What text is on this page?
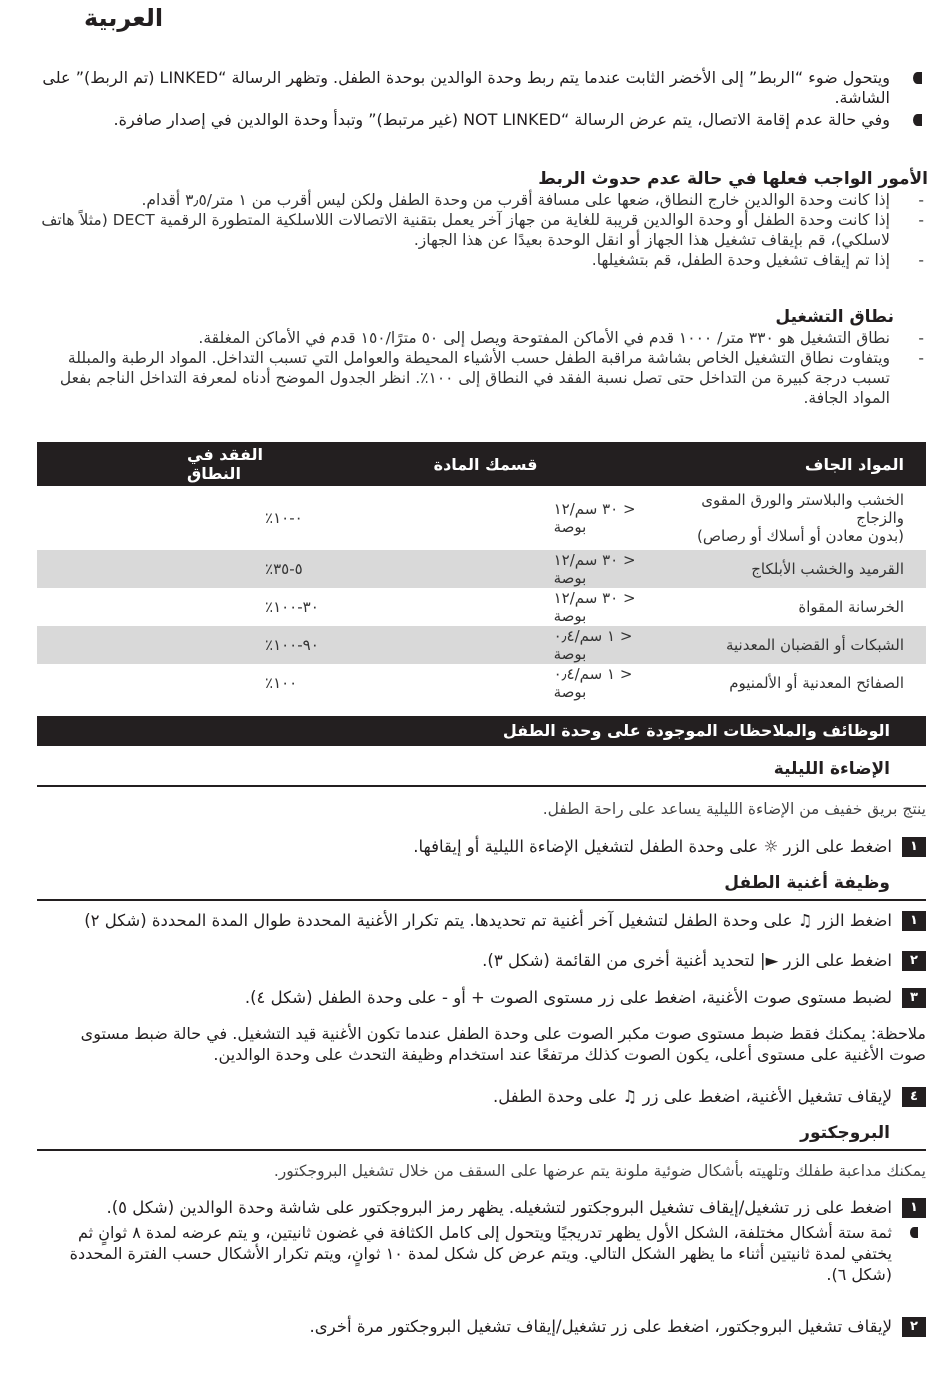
العربية
ويتحول ضوء “الربط” إلى الأخضر الثابت عندما يتم ربط وحدة الوالدين بوحدة الطفل. وتظهر الرسالة “LINKED (تم الربط)” على الشاشة.
وفي حالة عدم إقامة الاتصال، يتم عرض الرسالة “NOT LINKED (غير مرتبط)” وتبدأ وحدة الوالدين في إصدار صافرة.
الأمور الواجب فعلها في حالة عدم حدوث الربط
-
إذا كانت وحدة الوالدين خارج النطاق، ضعها على مسافة أقرب من وحدة الطفل ولكن ليس أقرب من ١ متر/٣٫٥ أقدام.
-
إذا كانت وحدة الطفل أو وحدة الوالدين قريبة للغاية من جهاز آخر يعمل بتقنية الاتصالات اللاسلكية المتطورة الرقمية DECT (مثلاً هاتف لاسلكي)، قم بإيقاف تشغيل هذا الجهاز أو انقل الوحدة بعيدًا عن هذا الجهاز.
-
إذا تم إيقاف تشغيل وحدة الطفل، قم بتشغيلها.
نطاق التشغيل
-
نطاق التشغيل هو ٣٣٠ متر/ ١٠٠٠ قدم في الأماكن المفتوحة ويصل إلى ٥٠ مترًا/١٥٠ قدم في الأماكن المغلقة.
-
ويتفاوت نطاق التشغيل الخاص بشاشة مراقبة الطفل حسب الأشياء المحيطة والعوامل التي تسبب التداخل. المواد الرطبة والمبللة تسبب درجة كبيرة من التداخل حتى تصل نسبة الفقد في النطاق إلى ١٠٠٪. انظر الجدول الموضح أدناه لمعرفة التداخل الناجم بفعل المواد الجافة.
المواد الجاف	قسمك المادة	الفقد في النطاق

الخشب والبلاستر والورق المقوى والزجاج
(بدون معادن أو أسلاك أو رصاص)	< ٣٠ سم/١٢ بوصة	٠-١٠٪
القرميد والخشب الأبلكاج	< ٣٠ سم/١٢ بوصة	٥-٣٥٪
الخرسانة المقواة	< ٣٠ سم/١٢ بوصة	٣٠-١٠٠٪
الشبكات أو القضبان المعدنية	< ١ سم/٠٫٤ بوصة	٩٠-١٠٠٪
الصفائح المعدنية أو الألمنيوم	< ١ سم/٠٫٤ بوصة	١٠٠٪
الوظائف والملاحظات الموجودة على وحدة الطفل
الإضاءة الليلية
ينتج بريق خفيف من الإضاءة الليلية يساعد على راحة الطفل.
١
اضغط على الزر ☼ على وحدة الطفل لتشغيل الإضاءة الليلية أو إيقافها.
وظيفة أغنية الطفل
١
اضغط الزر ♫ على وحدة الطفل لتشغيل آخر أغنية تم تحديدها. يتم تكرار الأغنية المحددة طوال المدة المحددة (شكل ٢)
٢
اضغط على الزر ►| لتحديد أغنية أخرى من القائمة (شكل ٣).
٣
لضبط مستوى صوت الأغنية، اضغط على زر مستوى الصوت + أو - على وحدة الطفل (شكل ٤).
ملاحظة: يمكنك فقط ضبط مستوى صوت مكبر الصوت على وحدة الطفل عندما تكون الأغنية قيد التشغيل. في حالة ضبط مستوى صوت الأغنية على مستوى أعلى، يكون الصوت كذلك مرتفعًا عند استخدام وظيفة التحدث على وحدة الوالدين.
٤
لإيقاف تشغيل الأغنية، اضغط على زر ♫ على وحدة الطفل.
البروجكتور
يمكنك مداعبة طفلك وتلهيته بأشكال ضوئية ملونة يتم عرضها على السقف من خلال تشغيل البروجكتور.
١
اضغط على زر تشغيل/إيقاف تشغيل البروجكتور لتشغيله. يظهر رمز البروجكتور على شاشة وحدة الوالدين (شكل ٥).
ثمة ستة أشكال مختلفة، الشكل الأول يظهر تدريجيًا ويتحول إلى كامل الكثافة في غضون ثانيتين، و يتم عرضه لمدة ٨ ثوانٍ ثم يختفي لمدة ثانيتين أثناء ما يظهر الشكل التالي. ويتم عرض كل شكل لمدة ١٠ ثوانٍ، ويتم تكرار الأشكال حسب الفترة المحددة (شكل ٦).
٢
لإيقاف تشغيل البروجكتور، اضغط على زر تشغيل/إيقاف تشغيل البروجكتور مرة أخرى.
